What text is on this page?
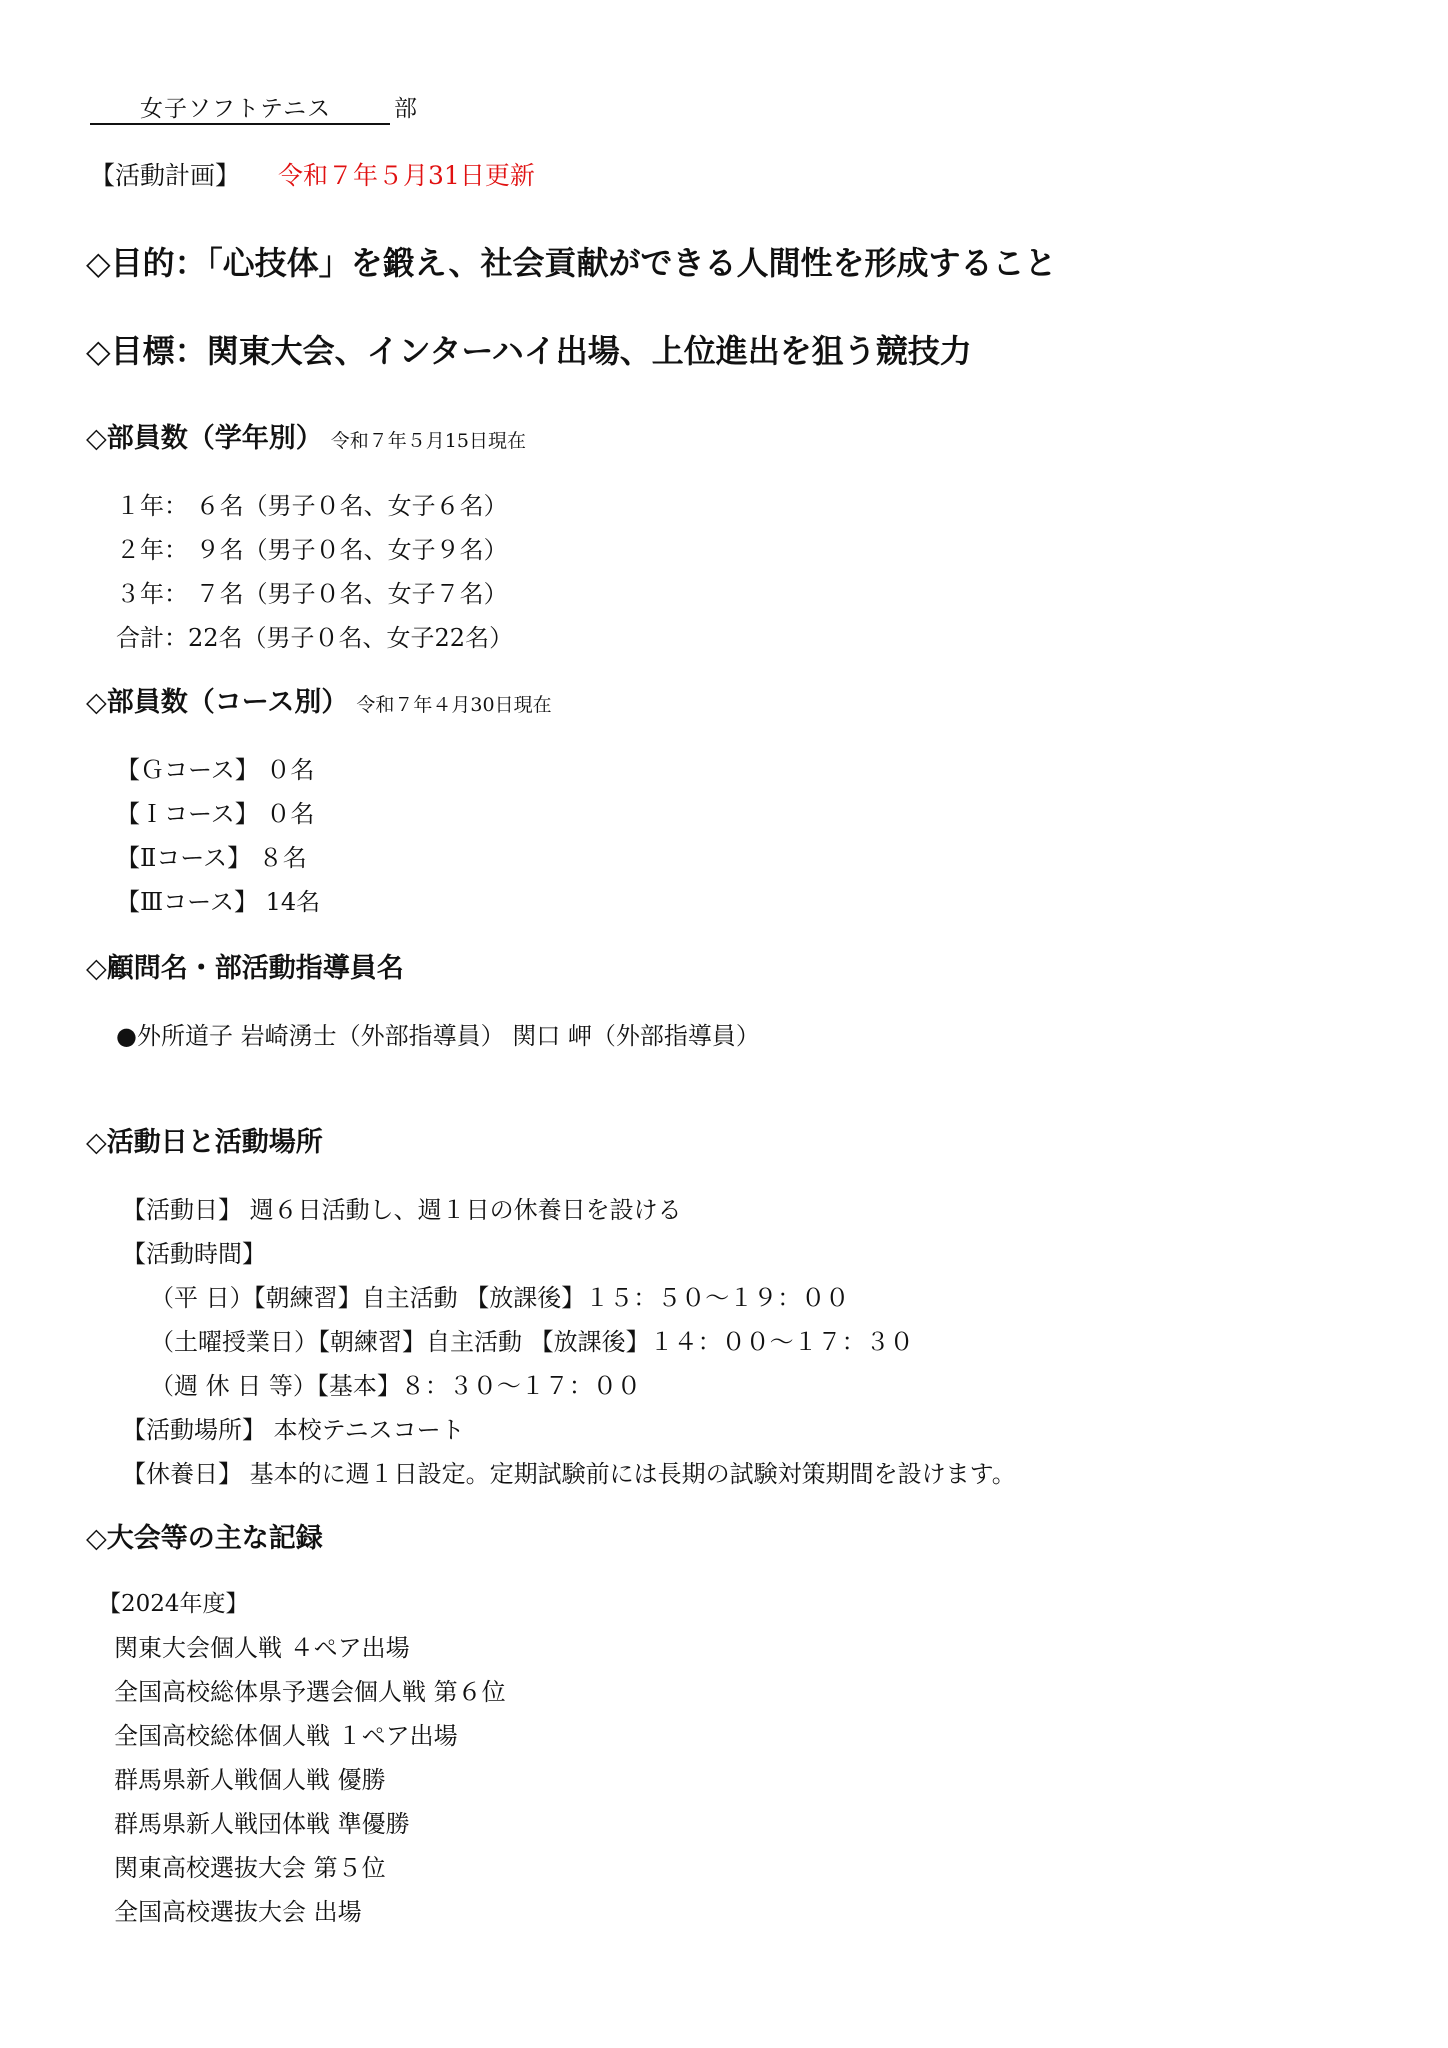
女子ソフトテニス	部
【活動計画】 令和７年５月31日更新
◇目的：「心技体」を鍛え、社会貢献ができる人間性を形成すること
◇目標：関東大会、インターハイ出場、上位進出を狙う競技力
◇部員数（学年別） 令和７年５月15日現在
１年： ６名（男子０名、女子６名）
２年： ９名（男子０名、女子９名）
３年： ７名（男子０名、女子７名）
合計：22名（男子０名、女子22名）
◇部員数（コース別） 令和７年４月30日現在
【Ｇコース】 ０名
【Ｉコース】 ０名
【Ⅱコース】 ８名
【Ⅲコース】 14名
◇顧問名・部活動指導員名
●外所道子 岩崎湧士（外部指導員） 関口 岬（外部指導員）
◇活動日と活動場所
【活動日】 週６日活動し、週１日の休養日を設ける
【活動時間】
（平 日）【朝練習】自主活動 【放課後】１５：５０～１９：００
（土曜授業日）【朝練習】自主活動 【放課後】１４：００～１７：３０
（週 休 日 等）【基本】８：３０～１７：００
【活動場所】 本校テニスコート
【休養日】 基本的に週１日設定。定期試験前には長期の試験対策期間を設けます。
◇大会等の主な記録
【2024年度】
関東大会個人戦 ４ペア出場
全国高校総体県予選会個人戦 第６位
全国高校総体個人戦 １ペア出場
群馬県新人戦個人戦 優勝
群馬県新人戦団体戦 準優勝
関東高校選抜大会 第５位
全国高校選抜大会 出場
